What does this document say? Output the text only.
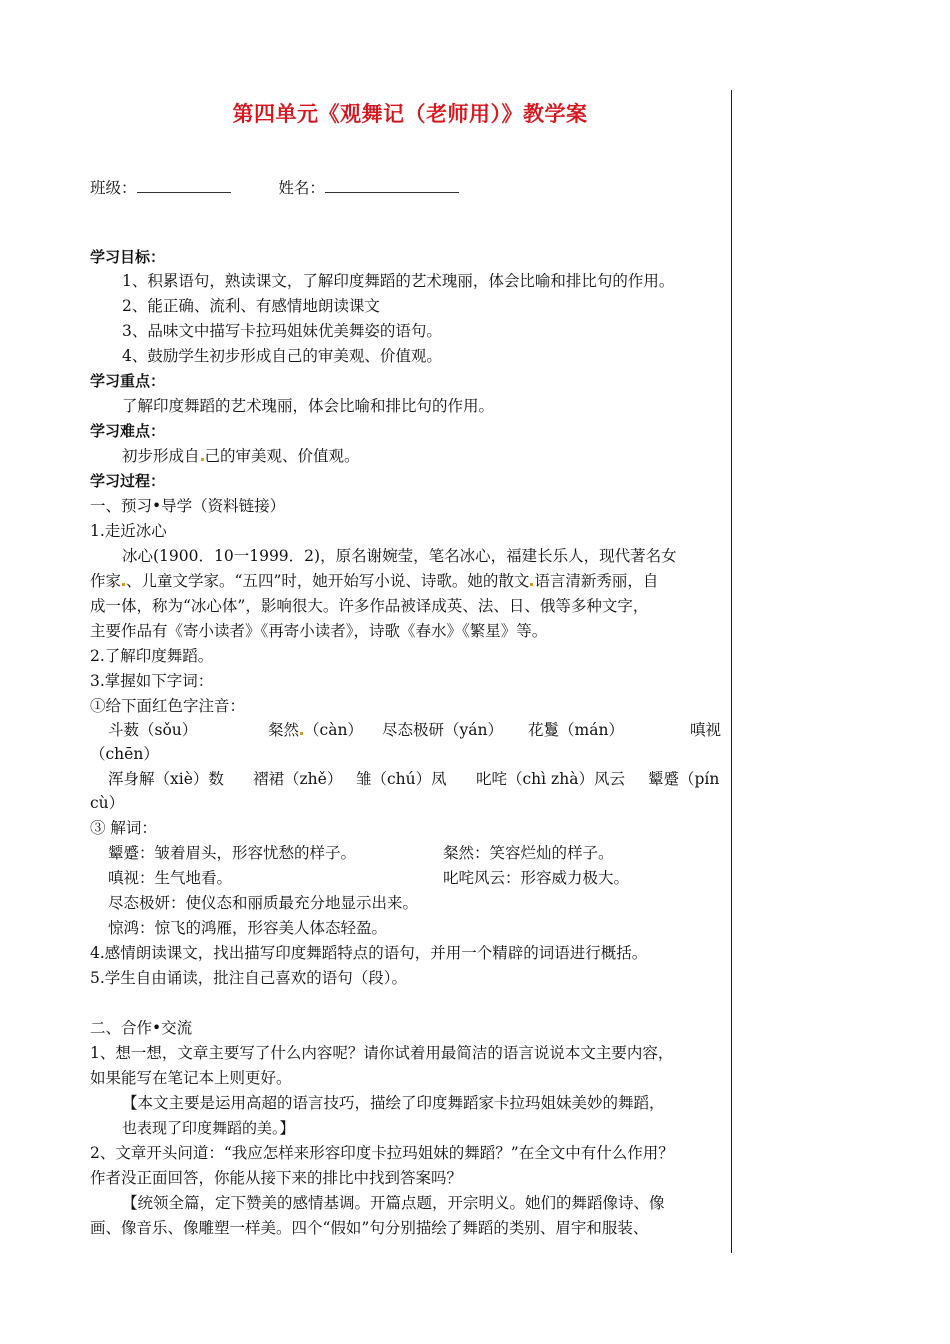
第四单元《观舞记（老师用）》教学案
班级：	姓名：
学习目标：
1、积累语句，熟读课文，了解印度舞蹈的艺术瑰丽，体会比喻和排比句的作用。
2、能正确、流利、有感情地朗读课文
3、品味文中描写卡拉玛姐妹优美舞姿的语句。
4、鼓励学生初步形成自己的审美观、价值观。
学习重点：
了解印度舞蹈的艺术瑰丽，体会比喻和排比句的作用。
学习难点：
初步形成自 己的审美观、价值观。
学习过程：
一、预习•导学（资料链接）
1.走近冰心
冰心(1900．10一1999．2)，原名谢婉莹，笔名冰心，福建长乐人，现代著名女
作家 、儿童文学家。“五四”时，她开始写小说、诗歌。她的散文 语言清新秀丽，自
成一体，称为“冰心体”，影响很大。许多作品被译成英、法、日、俄等多种文字，
主要作品有《寄小读者》《再寄小读者》，诗歌《春水》《繁星》等。
2.了解印度舞蹈。
3.掌握如下字词：
①给下面红色字注音：
斗薮（sǒu）	粲然 （càn） 尽态极研（yán） 花鬘（mán）	嗔视
（chēn）
浑身解（xiè）数 褶裙（zhě） 雏（chú）凤 叱咤（chì zhà）风云 颦蹙（pín
cù）
③ 解词：
颦蹙：皱着眉头，形容忧愁的样子。	粲然：笑容烂灿的样子。
嗔视：生气地看。	叱咤风云：形容威力极大。
尽态极妍：使仪态和丽质最充分地显示出来。
惊鸿：惊飞的鸿雁，形容美人体态轻盈。
4.感情朗读课文，找出描写印度舞蹈特点的语句，并用一个精辟的词语进行概括。
5.学生自由诵读，批注自己喜欢的语句（段）。
二、合作•交流
1、想一想，文章主要写了什么内容呢？请你试着用最简洁的语言说说本文主要内容，
如果能写在笔记本上则更好。
【本文主要是运用高超的语言技巧，描绘了印度舞蹈家卡拉玛姐妹美妙的舞蹈，
也表现了印度舞蹈的美。】
2、文章开头问道：“我应怎样来形容印度卡拉玛姐妹的舞蹈？”在全文中有什么作用？
作者没正面回答，你能从接下来的排比中找到答案吗？
【统领全篇，定下赞美的感情基调。开篇点题，开宗明义。她们的舞蹈像诗、像
画、像音乐、像雕塑一样美。四个“假如”句分别描绘了舞蹈的类别、眉宇和服装、
